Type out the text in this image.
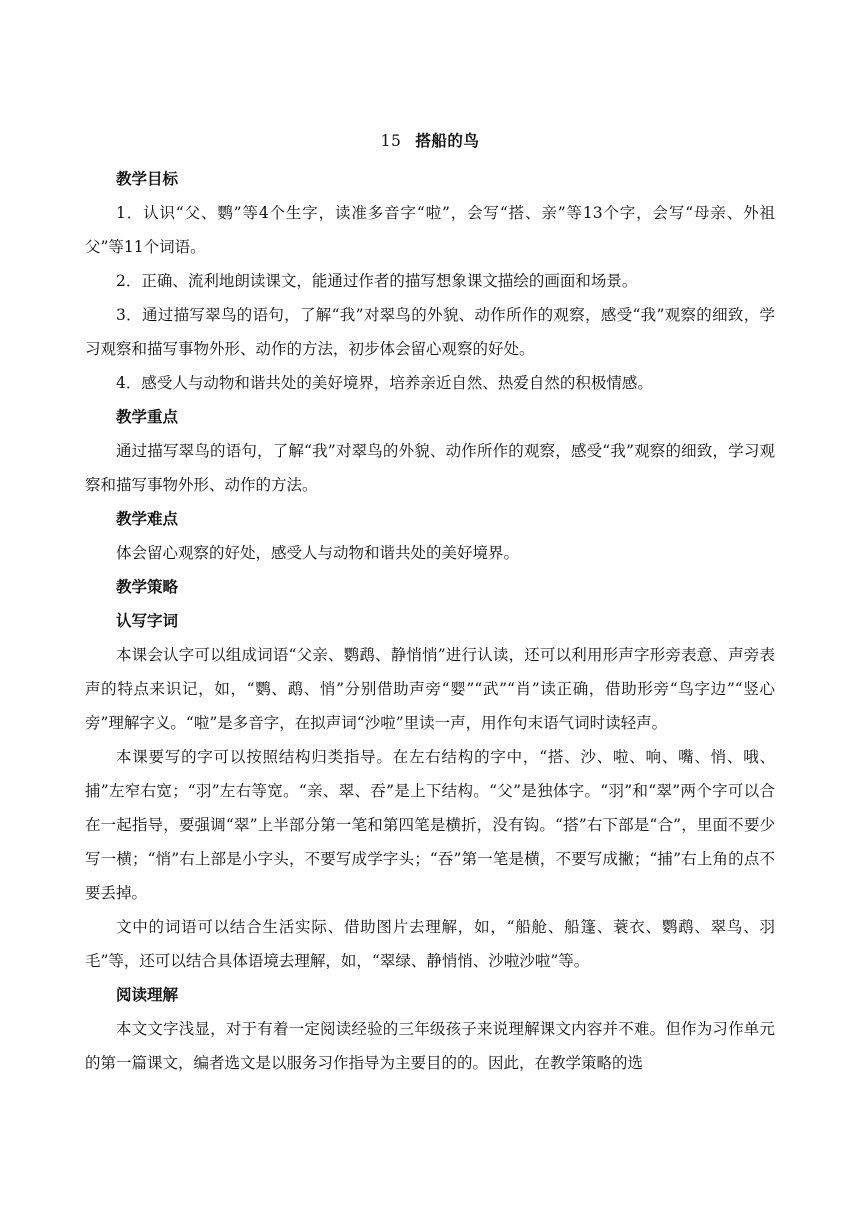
15 搭船的鸟
教学目标

1．认识“父、鹦”等4个生字，读准多音字“啦”，会写“搭、亲”等13个字，会写“母亲、外祖父”等11个词语。

2．正确、流利地朗读课文，能通过作者的描写想象课文描绘的画面和场景。

3．通过描写翠鸟的语句，了解“我”对翠鸟的外貌、动作所作的观察，感受“我”观察的细致，学习观察和描写事物外形、动作的方法，初步体会留心观察的好处。

4．感受人与动物和谐共处的美好境界，培养亲近自然、热爱自然的积极情感。

教学重点

通过描写翠鸟的语句，了解“我”对翠鸟的外貌、动作所作的观察，感受“我”观察的细致，学习观察和描写事物外形、动作的方法。

教学难点

体会留心观察的好处，感受人与动物和谐共处的美好境界。

教学策略
认写字词

本课会认字可以组成词语“父亲、鹦鹉、静悄悄”进行认读，还可以利用形声字形旁表意、声旁表声的特点来识记，如，“鹦、鹉、悄”分别借助声旁“婴”“武”“肖”读正确，借助形旁“鸟字边”“竖心旁”理解字义。“啦”是多音字，在拟声词“沙啦”里读一声，用作句末语气词时读轻声。

本课要写的字可以按照结构归类指导。在左右结构的字中，“搭、沙、啦、响、嘴、悄、哦、捕”左窄右宽；“羽”左右等宽。“亲、翠、吞”是上下结构。“父”是独体字。“羽”和“翠”两个字可以合在一起指导，要强调“翠”上半部分第一笔和第四笔是横折，没有钩。“搭”右下部是“合”，里面不要少写一横；“悄”右上部是小字头，不要写成学字头；“吞”第一笔是横，不要写成撇；“捕”右上角的点不要丢掉。

文中的词语可以结合生活实际、借助图片去理解，如，“船舱、船篷、蓑衣、鹦鹉、翠鸟、羽毛”等，还可以结合具体语境去理解，如，“翠绿、静悄悄、沙啦沙啦”等。

阅读理解

本文文字浅显，对于有着一定阅读经验的三年级孩子来说理解课文内容并不难。但作为习作单元的第一篇课文，编者选文是以服务习作指导为主要目的的。因此，在教学策略的选
